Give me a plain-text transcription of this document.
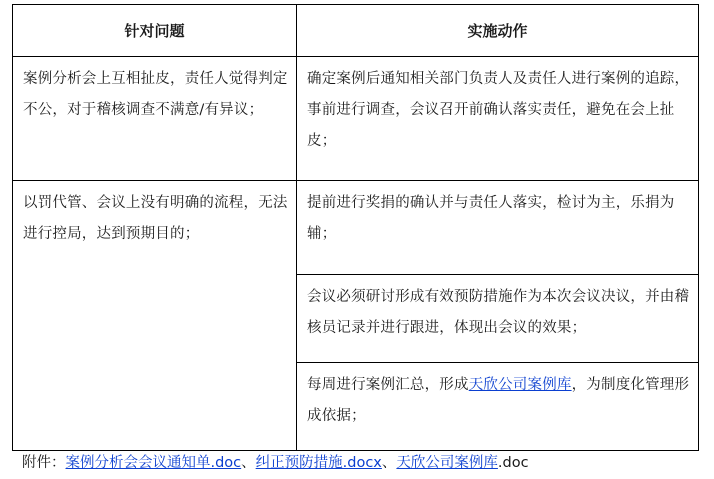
针对问题	实施动作

案例分析会上互相扯皮，责任人觉得判定不公，对于稽核调查不满意/有异议；	确定案例后通知相关部门负责人及责任人进行案例的追踪，事前进行调查，会议召开前确认落实责任，避免在会上扯皮；

以罚代管、会议上没有明确的流程，无法进行控局，达到预期目的；	提前进行奖捐的确认并与责任人落实，检讨为主，乐捐为辅；

	会议必须研讨形成有效预防措施作为本次会议决议，并由稽核员记录并进行跟进，体现出会议的效果；

	每周进行案例汇总，形成天欣公司案例库，为制度化管理形成依据；
附件：案例分析会会议通知单.doc、纠正预防措施.docx、天欣公司案例库.doc
